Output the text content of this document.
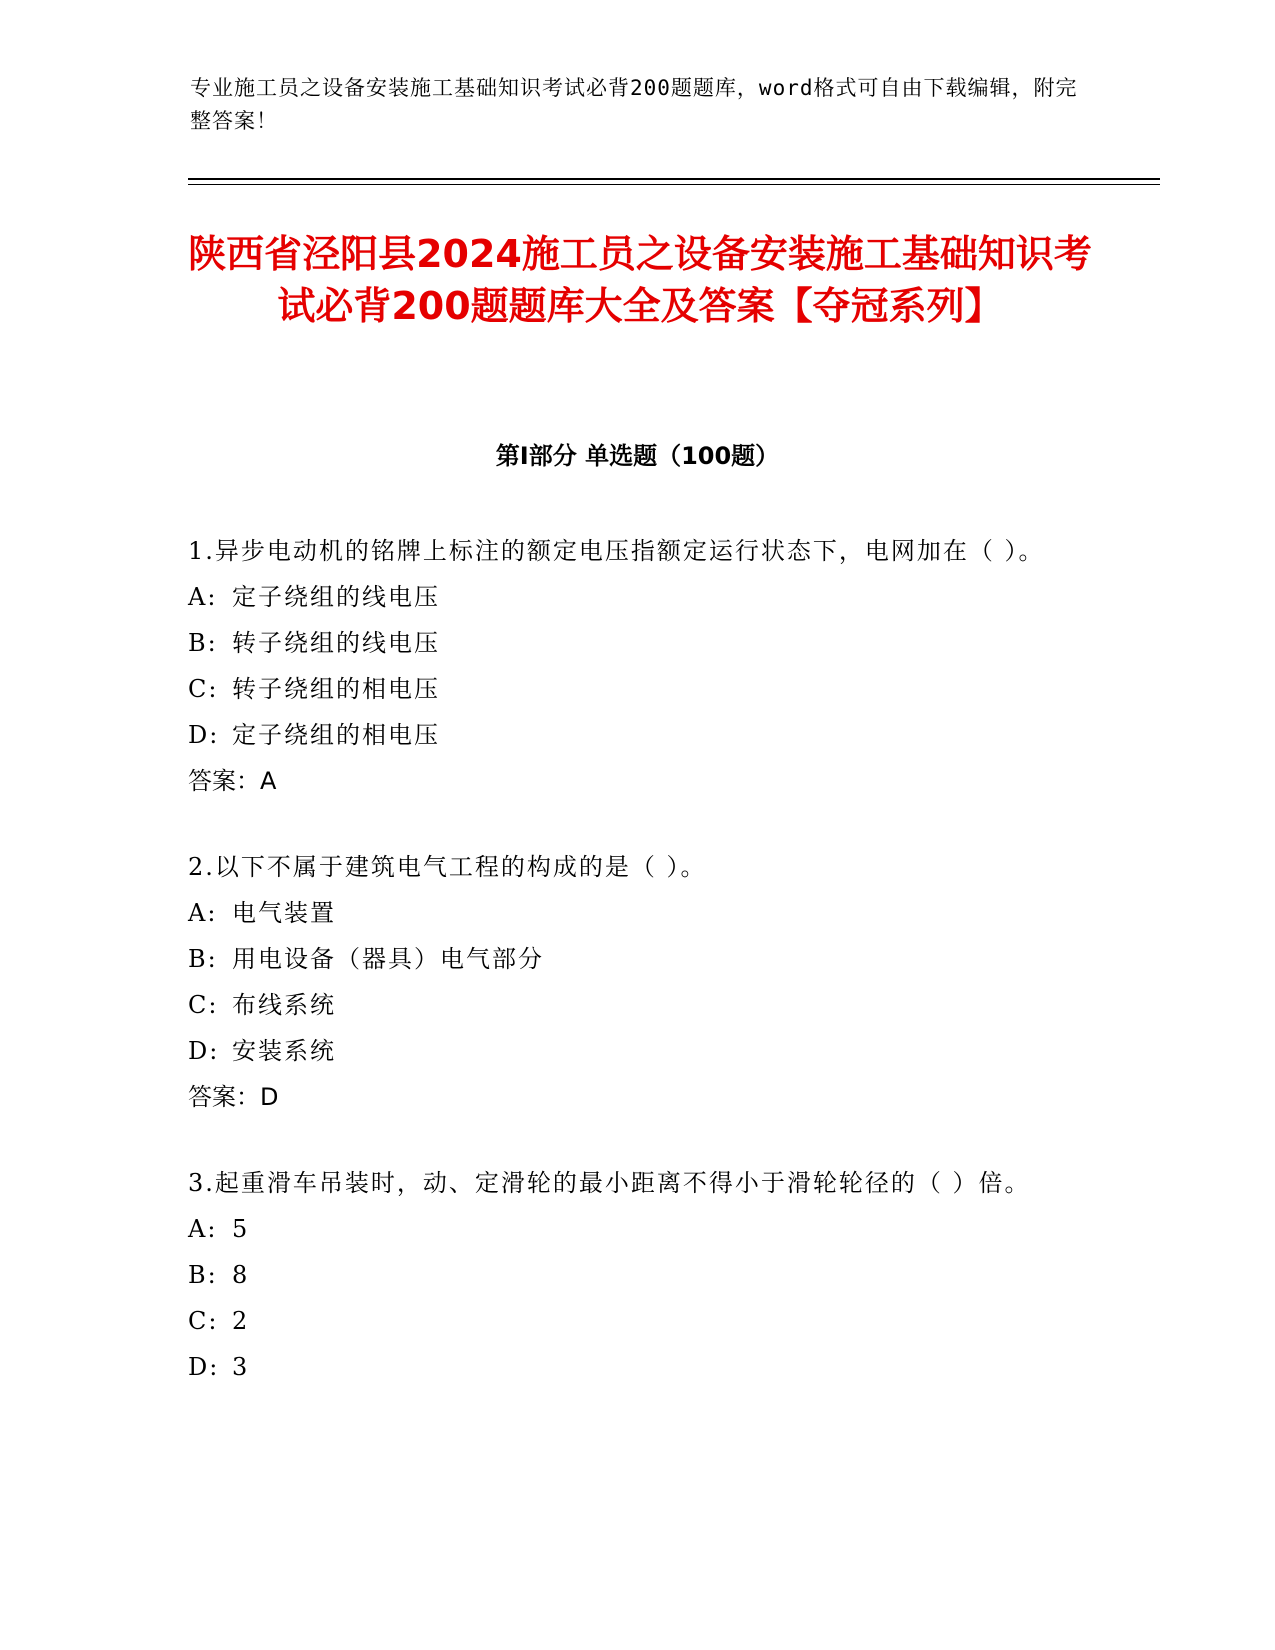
专业施工员之设备安装施工基础知识考试必背200题题库，word格式可自由下载编辑，附完整答案！
陕西省泾阳县2024施工员之设备安装施工基础知识考试必背200题题库大全及答案【夺冠系列】
第Ⅰ部分 单选题（100题）

1.异步电动机的铭牌上标注的额定电压指额定运行状态下，电网加在（ ）。

A: 定子绕组的线电压

B: 转子绕组的线电压

C: 转子绕组的相电压

D: 定子绕组的相电压

答案：A

2.以下不属于建筑电气工程的构成的是（ ）。

A: 电气装置

B: 用电设备（器具）电气部分

C: 布线系统

D: 安装系统

答案：D

3.起重滑车吊装时，动、定滑轮的最小距离不得小于滑轮轮径的（ ）倍。

A: 5

B: 8

C: 2

D: 3
